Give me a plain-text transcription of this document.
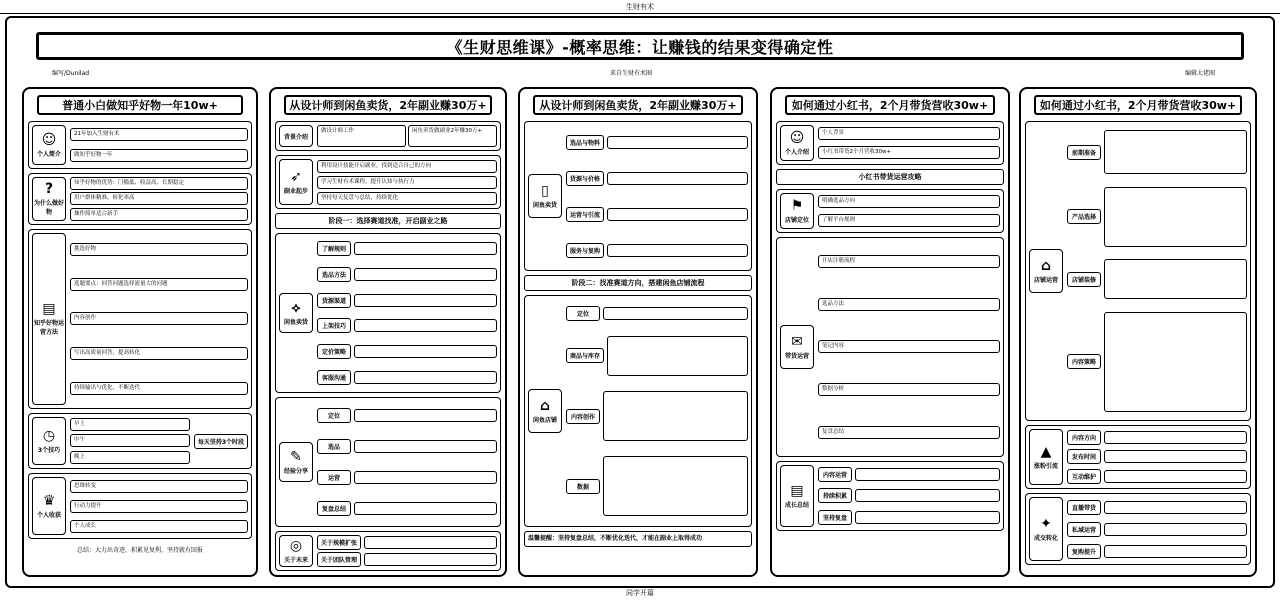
生财有术
《生财思维课》-概率思维：让赚钱的结果变得确定性
编写/Dunilad	来自生财有术圈	编辑大佬圈
普通小白做知乎好物一年10w+
☺
个人简介
21年加入生财有术
做知乎好物一年
?
为什么做好物
知乎好物的优势：门槛低、收益高、长期稳定
用户群体精准，转化率高
操作简单适合新手
▤
知乎好物运营方法
挑选好物
选题要点：回答问题选择流量大的问题
内容创作
写出高质量回答，提高转化
持续输出与优化，不断迭代
◷
3个技巧
早上
中午
晚上
每天坚持3个时段
♛
个人收获
思维转变
行动力提升
个人成长
总结：大力出奇迹，积累见复利，坚持就有回报
从设计师到闲鱼卖货，2年副业赚30万+
背景介绍
做设计师工作	闲鱼卖货做副业2年赚30万+
➶
副业起步
利用设计技能开启副业，找到适合自己的方向
学习生财有术课程，提升认知与执行力
坚持每天复盘与总结，持续优化
阶段一：选择赛道找准，开启副业之路
⟡
闲鱼卖货
了解规则

选品方法

货源渠道

上架技巧

定价策略

客服沟通

✎
经验分享
定位

选品

运营

复盘总结

◎
关于未来
关于规模扩张

关于团队管理

从设计师到闲鱼卖货，2年副业赚30万+
▯
闲鱼卖货
选品与物料

货源与价格

运营与引流

服务与复购

阶段二：找准赛道方向，搭建闲鱼店铺流程
⌂
闲鱼店铺
定位

商品与库存

内容创作

数据

温馨提醒：坚持复盘总结，不断优化迭代，才能在副业上取得成功
如何通过小红书，2个月带货营收30w+
☺
个人介绍
个人背景
小红书带货2个月营收30w+
小红书带货运营攻略
⚑
店铺定位
明确选品方向
了解平台规则
✉
带货运营
开店注册流程
选品方法
笔记内容
数据分析
复盘总结
▤
成长总结
内容运营

持续积累

坚持复盘

如何通过小红书，2个月带货营收30w+
⌂
店铺运营
前期准备

产品选择

店铺装修

内容策略

▲
涨粉引流
内容方向

发布时间

互动维护

✦
成交转化
直播带货

私域运营

复购提升

同学开篇
